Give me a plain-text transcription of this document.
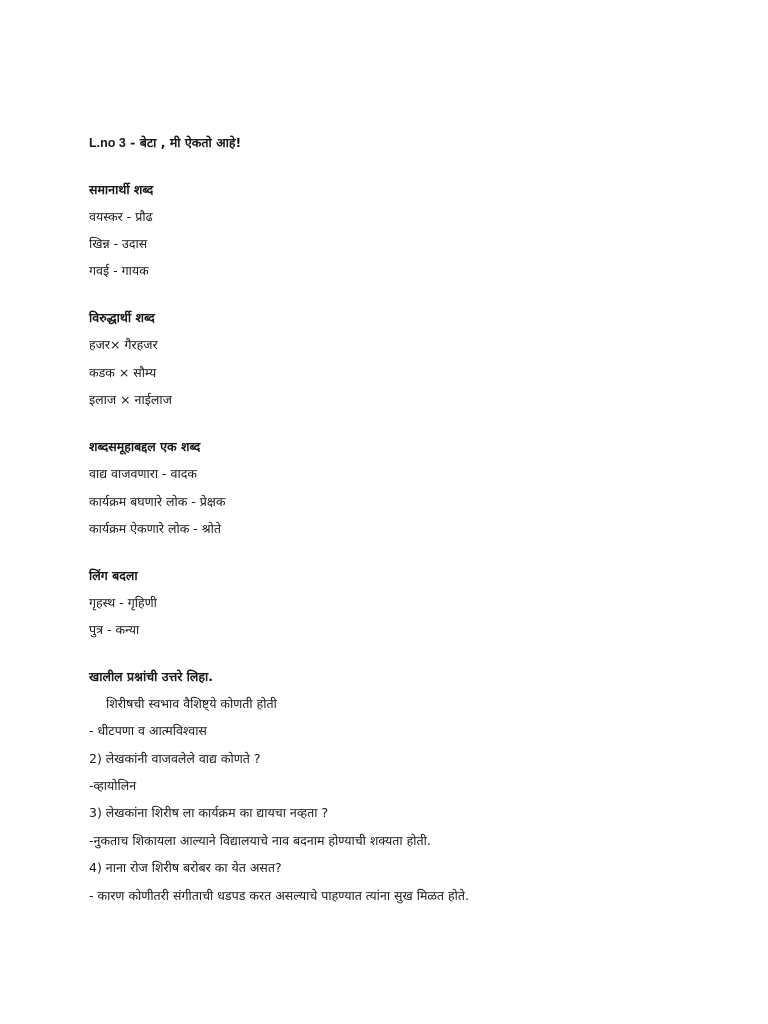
L.no 3 - बेटा , मी ऐकतो आहे!
समानार्थी शब्द
वयस्कर - प्रौढ
खिन्न - उदास
गवई - गायक
विरुद्धार्थी शब्द
हजर× गैरहजर
कडक × सौम्य
इलाज × नाईलाज
शब्दसमूहाबद्दल एक शब्द
वाद्य वाजवणारा - वादक
कार्यक्रम बघणारे लोक - प्रेक्षक
कार्यक्रम ऐकणारे लोक - श्रोते
लिंग बदला
गृहस्थ - गृहिणी
पुत्र - कन्या
खालील प्रश्नांची उत्तरे लिहा.
शिरीषची स्वभाव वैशिष्ट्ये कोणती होती
- धीटपणा व आत्मविश्वास
2) लेखकांनी वाजवलेले वाद्य कोणते ?
-व्हायोलिन
3) लेखकांना शिरीष ला कार्यक्रम का द्यायचा नव्हता ?
-नुकताच शिकायला आल्याने विद्यालयाचे नाव बदनाम होण्याची शक्यता होती.
4) नाना रोज शिरीष बरोबर का येत असत?
- कारण कोणीतरी संगीताची धडपड करत असल्याचे पाहण्यात त्यांना सुख मिळत होते.
